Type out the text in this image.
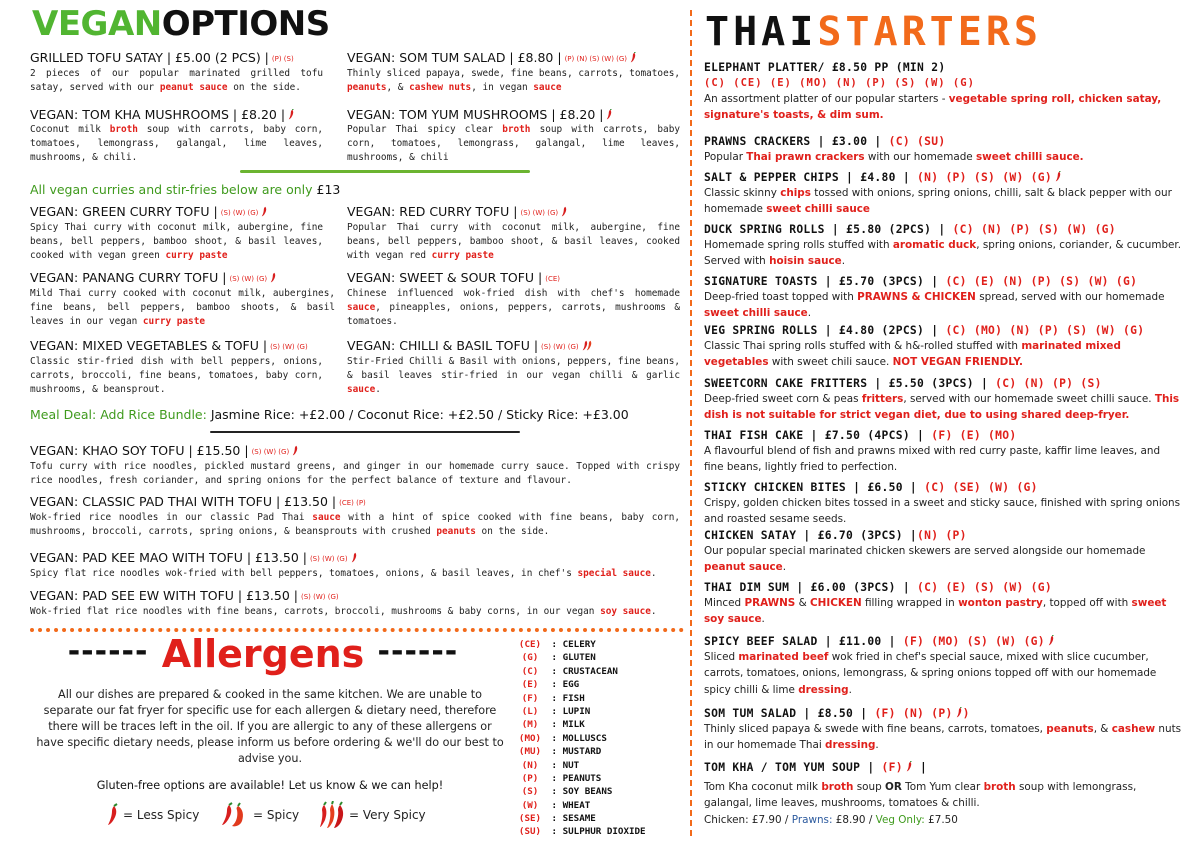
VEGANOPTIONS
GRILLED TOFU SATAY | £5.00 (2 PCS) | (P) (S)
2 pieces of our popular marinated grilled tofu satay, served with our peanut sauce on the side.
VEGAN: SOM TUM SALAD | £8.80 | (P) (N) (S) (W) (G)
Thinly sliced papaya, swede, fine beans, carrots, tomatoes, peanuts, & cashew nuts, in vegan sauce
VEGAN: TOM KHA MUSHROOMS | £8.20 |
Coconut milk broth soup with carrots, baby corn, tomatoes, lemongrass, galangal, lime leaves, mushrooms, & chili.
VEGAN: TOM YUM MUSHROOMS | £8.20 |
Popular Thai spicy clear broth soup with carrots, baby corn, tomatoes, lemongrass, galangal, lime leaves, mushrooms, & chili
All vegan curries and stir-fries below are only £13
VEGAN: GREEN CURRY TOFU | (S) (W) (G)
Spicy Thai curry with coconut milk, aubergine, fine beans, bell peppers, bamboo shoot, & basil leaves, cooked with vegan green curry paste
VEGAN: RED CURRY TOFU | (S) (W) (G)
Popular Thai curry with coconut milk, aubergine, fine beans, bell peppers, bamboo shoot, & basil leaves, cooked with vegan red curry paste
VEGAN: PANANG CURRY TOFU | (S) (W) (G)
Mild Thai curry cooked with coconut milk, aubergines, fine beans, bell peppers, bamboo shoots, & basil leaves in our vegan curry paste
VEGAN: SWEET & SOUR TOFU | (CE)
Chinese influenced wok-fried dish with chef's homemade sauce, pineapples, onions, peppers, carrots, mushrooms & tomatoes.
VEGAN: MIXED VEGETABLES & TOFU | (S) (W) (G)
Classic stir-fried dish with bell peppers, onions, carrots, broccoli, fine beans, tomatoes, baby corn, mushrooms, & beansprout.
VEGAN: CHILLI & BASIL TOFU | (S) (W) (G)
Stir-Fried Chilli & Basil with onions, peppers, fine beans, & basil leaves stir-fried in our vegan chilli & garlic sauce.
Meal Deal: Add Rice Bundle: Jasmine Rice: +£2.00 / Coconut Rice: +£2.50 / Sticky Rice: +£3.00
VEGAN: KHAO SOY TOFU | £15.50 | (S) (W) (G)
Tofu curry with rice noodles, pickled mustard greens, and ginger in our homemade curry sauce. Topped with crispy rice noodles, fresh coriander, and spring onions for the perfect balance of texture and flavour.
VEGAN: CLASSIC PAD THAI WITH TOFU | £13.50 | (CE) (P)
Wok-fried rice noodles in our classic Pad Thai sauce with a hint of spice cooked with fine beans, baby corn, mushrooms, broccoli, carrots, spring onions, & beansprouts with crushed peanuts on the side.
VEGAN: PAD KEE MAO WITH TOFU | £13.50 | (S) (W) (G)
Spicy flat rice noodles wok-fried with bell peppers, tomatoes, onions, & basil leaves, in chef's special sauce.
VEGAN: PAD SEE EW WITH TOFU | £13.50 | (S) (W) (G)
Wok-fried flat rice noodles with fine beans, carrots, broccoli, mushrooms & baby corns, in our vegan soy sauce.
------ Allergens ------
All our dishes are prepared & cooked in the same kitchen. We are unable to separate our fat fryer for specific use for each allergen & dietary need, therefore there will be traces left in the oil. If you are allergic to any of these allergens or have specific dietary needs, please inform us before ordering & we'll do our best to advise you.
Gluten-free options are available! Let us know & we can help!
= Less Spicy	= Spicy	= Very Spicy
(CE) : CELERY
(G) : GLUTEN
(C) : CRUSTACEAN
(E) : EGG
(F) : FISH
(L) : LUPIN
(M) : MILK
(MO) : MOLLUSCS
(MU) : MUSTARD
(N) : NUT
(P) : PEANUTS
(S) : SOY BEANS
(W) : WHEAT
(SE) : SESAME
(SU) : SULPHUR DIOXIDE
THAISTARTERS
ELEPHANT PLATTER/ £8.50 PP (MIN 2)
(C) (CE) (E) (MO) (N) (P) (S) (W) (G)
An assortment platter of our popular starters - vegetable spring roll, chicken satay, signature's toasts, & dim sum.
PRAWNS CRACKERS | £3.00 | (C) (SU)
Popular Thai prawn crackers with our homemade sweet chilli sauce.
SALT & PEPPER CHIPS | £4.80 | (N) (P) (S) (W) (G)
Classic skinny chips tossed with onions, spring onions, chilli, salt & black pepper with our homemade sweet chilli sauce
DUCK SPRING ROLLS | £5.80 (2PCS) | (C) (N) (P) (S) (W) (G)
Homemade spring rolls stuffed with aromatic duck, spring onions, coriander, & cucumber. Served with hoisin sauce.
SIGNATURE TOASTS | £5.70 (3PCS) | (C) (E) (N) (P) (S) (W) (G)
Deep-fried toast topped with PRAWNS & CHICKEN spread, served with our homemade sweet chilli sauce.
VEG SPRING ROLLS | £4.80 (2PCS) | (C) (MO) (N) (P) (S) (W) (G)
Classic Thai spring rolls stuffed with & h&-rolled stuffed with marinated mixed vegetables with sweet chili sauce. NOT VEGAN FRIENDLY.
SWEETCORN CAKE FRITTERS | £5.50 (3PCS) | (C) (N) (P) (S)
Deep-fried sweet corn & peas fritters, served with our homemade sweet chilli sauce. This dish is not suitable for strict vegan diet, due to using shared deep-fryer.
THAI FISH CAKE | £7.50 (4PCS) | (F) (E) (MO)
A flavourful blend of fish and prawns mixed with red curry paste, kaffir lime leaves, and fine beans, lightly fried to perfection.
STICKY CHICKEN BITES | £6.50 | (C) (SE) (W) (G)
Crispy, golden chicken bites tossed in a sweet and sticky sauce, finished with spring onions and roasted sesame seeds.
CHICKEN SATAY | £6.70 (3PCS) |(N) (P)
Our popular special marinated chicken skewers are served alongside our homemade peanut sauce.
THAI DIM SUM | £6.00 (3PCS) | (C) (E) (S) (W) (G)
Minced PRAWNS & CHICKEN filling wrapped in wonton pastry, topped off with sweet soy sauce.
SPICY BEEF SALAD | £11.00 | (F) (MO) (S) (W) (G)
Sliced marinated beef wok fried in chef's special sauce, mixed with slice cucumber, carrots, tomatoes, onions, lemongrass, & spring onions topped off with our homemade spicy chilli & lime dressing.
SOM TUM SALAD | £8.50 | (F) (N) (P) )
Thinly sliced papaya & swede with fine beans, carrots, tomatoes, peanuts, & cashew nuts in our homemade Thai dressing.
TOM KHA / TOM YUM SOUP | (F)
|
Tom Kha coconut milk broth soup OR Tom Yum clear broth soup with lemongrass, galangal, lime leaves, mushrooms, tomatoes & chilli.
Chicken: £7.90 / Prawns: £8.90 / Veg Only: £7.50
